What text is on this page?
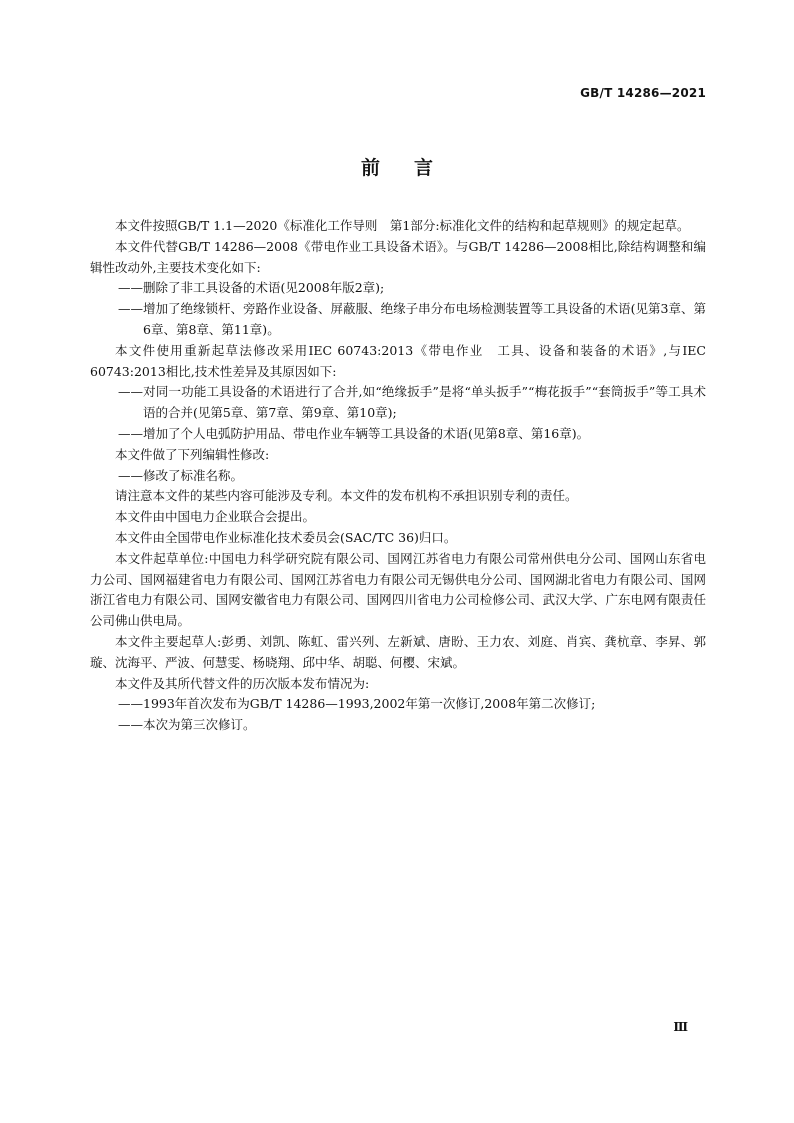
GB/T 14286—2021
前言

本文件按照GB/T 1.1—2020《标准化工作导则　第1部分:标准化文件的结构和起草规则》的规定起草。

本文件代替GB/T 14286—2008《带电作业工具设备术语》。与GB/T 14286—2008相比,除结构调整和编辑性改动外,主要技术变化如下:

——删除了非工具设备的术语(见2008年版2章);

——增加了绝缘锁杆、旁路作业设备、屏蔽服、绝缘子串分布电场检测装置等工具设备的术语(见第3章、第6章、第8章、第11章)。

本文件使用重新起草法修改采用IEC 60743:2013《带电作业　工具、设备和装备的术语》,与IEC 60743:2013相比,技术性差异及其原因如下:

——对同一功能工具设备的术语进行了合并,如“绝缘扳手”是将“单头扳手”“梅花扳手”“套筒扳手”等工具术语的合并(见第5章、第7章、第9章、第10章);

——增加了个人电弧防护用品、带电作业车辆等工具设备的术语(见第8章、第16章)。

本文件做了下列编辑性修改:

——修改了标准名称。

请注意本文件的某些内容可能涉及专利。本文件的发布机构不承担识别专利的责任。

本文件由中国电力企业联合会提出。

本文件由全国带电作业标准化技术委员会(SAC/TC 36)归口。

本文件起草单位:中国电力科学研究院有限公司、国网江苏省电力有限公司常州供电分公司、国网山东省电力公司、国网福建省电力有限公司、国网江苏省电力有限公司无锡供电分公司、国网湖北省电力有限公司、国网浙江省电力有限公司、国网安徽省电力有限公司、国网四川省电力公司检修公司、武汉大学、广东电网有限责任公司佛山供电局。

本文件主要起草人:彭勇、刘凯、陈虹、雷兴列、左新斌、唐盼、王力农、刘庭、肖宾、龚杭章、李昇、郭璇、沈海平、严波、何慧雯、杨晓翔、邱中华、胡聪、何樱、宋斌。

本文件及其所代替文件的历次版本发布情况为:

——1993年首次发布为GB/T 14286—1993,2002年第一次修订,2008年第二次修订;

——本次为第三次修订。

Ⅲ
